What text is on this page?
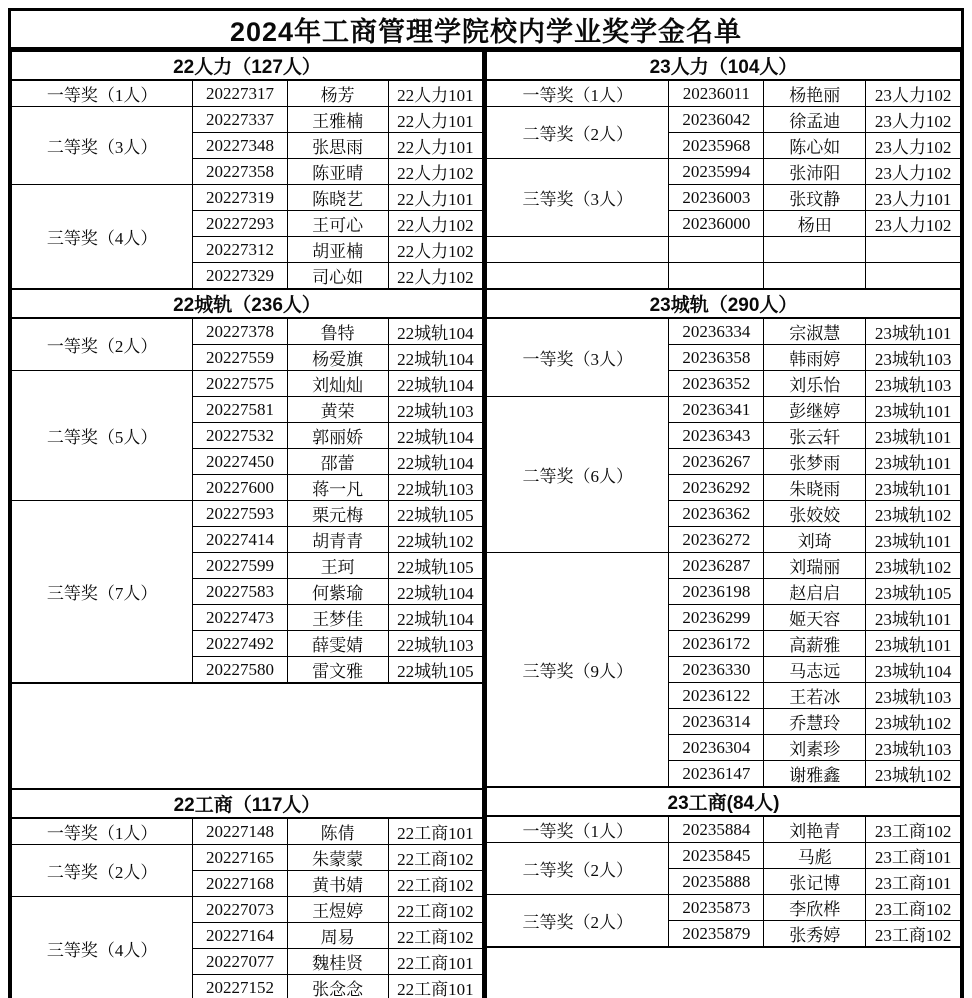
2024年工商管理学院校内学业奖学金名单
22人力（127人）			
一等奖（1人）	20227317	杨芳	22人力101
二等奖（3人）	20227337	王雅楠	22人力101
	20227348	张思雨	22人力101
	20227358	陈亚晴	22人力102
三等奖（4人）	20227319	陈晓艺	22人力101
	20227293	王可心	22人力102
	20227312	胡亚楠	22人力102
	20227329	司心如	22人力102
22城轨（236人）			
一等奖（2人）	20227378	鲁特	22城轨104
	20227559	杨爱旗	22城轨104
二等奖（5人）	20227575	刘灿灿	22城轨104
	20227581	黄荣	22城轨103
	20227532	郭丽娇	22城轨104
	20227450	邵蕾	22城轨104
	20227600	蒋一凡	22城轨103
三等奖（7人）	20227593	栗元梅	22城轨105
	20227414	胡青青	22城轨102
	20227599	王珂	22城轨105
	20227583	何紫瑜	22城轨104
	20227473	王梦佳	22城轨104
	20227492	薛雯婧	22城轨103
	20227580	雷文雅	22城轨105

22工商（117人）			
一等奖（1人）	20227148	陈倩	22工商101
二等奖（2人）	20227165	朱蒙蒙	22工商102
	20227168	黄书婧	22工商102
三等奖（4人）	20227073	王煜婷	22工商102
	20227164	周易	22工商102
	20227077	魏桂贤	22工商101
	20227152	张念念	22工商101
23人力（104人）			
一等奖（1人）	20236011	杨艳丽	23人力102
二等奖（2人）	20236042	徐孟迪	23人力102
	20235968	陈心如	23人力102
三等奖（3人）	20235994	张沛阳	23人力102
	20236003	张玟静	23人力101
	20236000	杨田	23人力102

23城轨（290人）			
一等奖（3人）	20236334	宗淑慧	23城轨101
	20236358	韩雨婷	23城轨103
	20236352	刘乐怡	23城轨103
二等奖（6人）	20236341	彭继婷	23城轨101
	20236343	张云轩	23城轨101
	20236267	张梦雨	23城轨101
	20236292	朱晓雨	23城轨101
	20236362	张姣姣	23城轨102
	20236272	刘琦	23城轨101
三等奖（9人）	20236287	刘瑞丽	23城轨102
	20236198	赵启启	23城轨105
	20236299	姬天容	23城轨101
	20236172	高薪雅	23城轨101
	20236330	马志远	23城轨104
	20236122	王若冰	23城轨103
	20236314	乔慧玲	23城轨102
	20236304	刘素珍	23城轨103
	20236147	谢雅鑫	23城轨102
23工商(84人)			
一等奖（1人）	20235884	刘艳青	23工商102
二等奖（2人）	20235845	马彪	23工商101
	20235888	张记博	23工商101
三等奖（2人）	20235873	李欣桦	23工商102
	20235879	张秀婷	23工商102
